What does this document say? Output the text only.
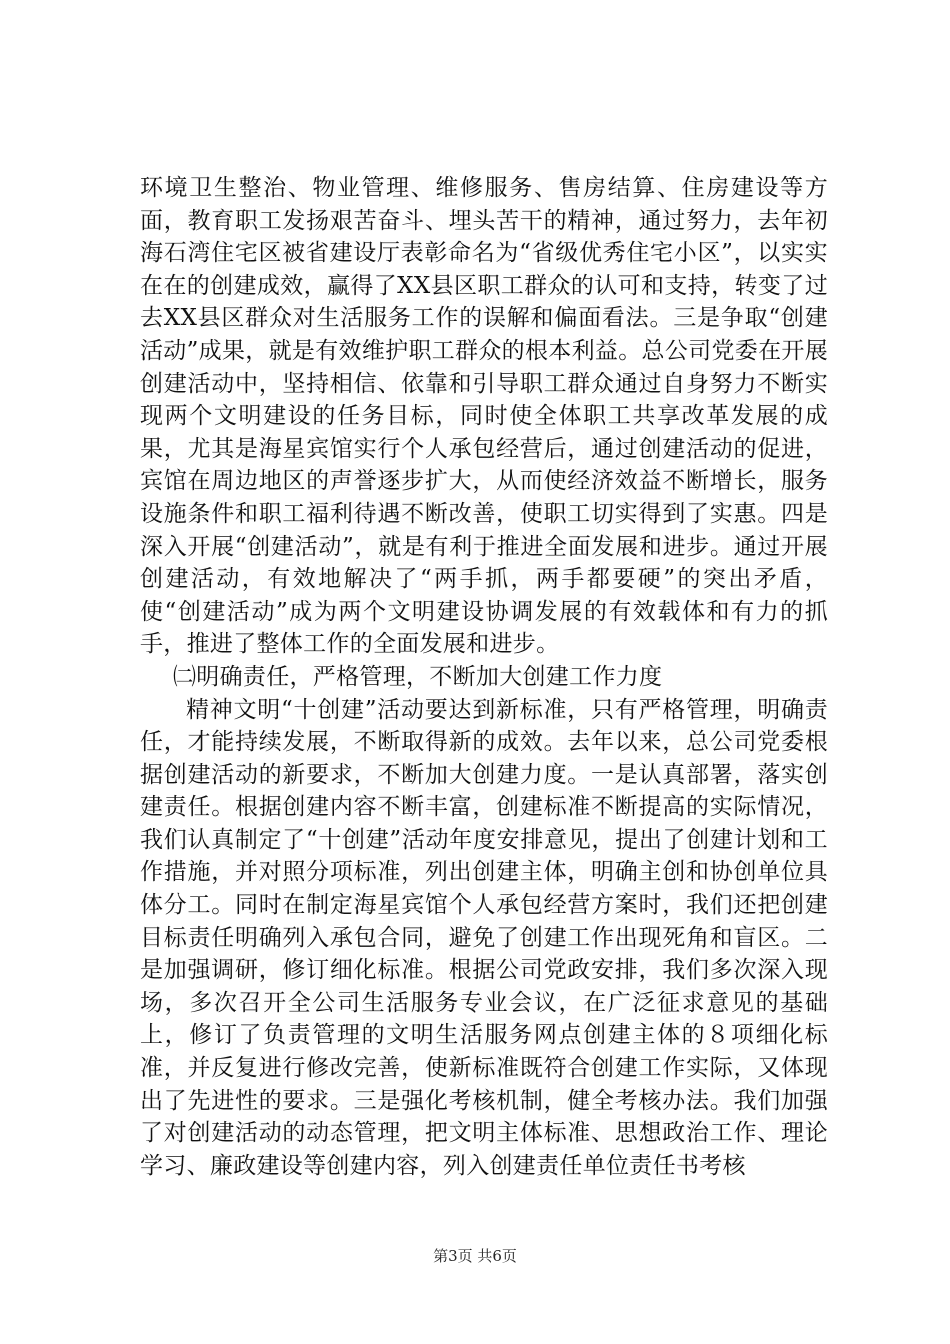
环境卫生整治、物业管理、维修服务、售房结算、住房建设等方面，教育职工发扬艰苦奋斗、埋头苦干的精神，通过努力，去年初海石湾住宅区被省建设厅表彰命名为“省级优秀住宅小区”，以实实在在的创建成效，赢得了XX县区职工群众的认可和支持，转变了过去XX县区群众对生活服务工作的误解和偏面看法。三是争取“创建活动”成果，就是有效维护职工群众的根本利益。总公司党委在开展创建活动中，坚持相信、依靠和引导职工群众通过自身努力不断实现两个文明建设的任务目标，同时使全体职工共享改革发展的成果，尤其是海星宾馆实行个人承包经营后，通过创建活动的促进，宾馆在周边地区的声誉逐步扩大，从而使经济效益不断增长，服务设施条件和职工福利待遇不断改善，使职工切实得到了实惠。四是深入开展“创建活动”，就是有利于推进全面发展和进步。通过开展创建活动，有效地解决了“两手抓，两手都要硬”的突出矛盾，使“创建活动”成为两个文明建设协调发展的有效载体和有力的抓手，推进了整体工作的全面发展和进步。

㈡明确责任，严格管理，不断加大创建工作力度

精神文明“十创建”活动要达到新标准，只有严格管理，明确责任，才能持续发展，不断取得新的成效。去年以来，总公司党委根据创建活动的新要求，不断加大创建力度。一是认真部署，落实创建责任。根据创建内容不断丰富，创建标准不断提高的实际情况，我们认真制定了“十创建”活动年度安排意见，提出了创建计划和工作措施，并对照分项标准，列出创建主体，明确主创和协创单位具体分工。同时在制定海星宾馆个人承包经营方案时，我们还把创建目标责任明确列入承包合同，避免了创建工作出现死角和盲区。二是加强调研，修订细化标准。根据公司党政安排，我们多次深入现场，多次召开全公司生活服务专业会议，在广泛征求意见的基础上，修订了负责管理的文明生活服务网点创建主体的８项细化标准，并反复进行修改完善，使新标准既符合创建工作实际，又体现出了先进性的要求。三是强化考核机制，健全考核办法。我们加强了对创建活动的动态管理，把文明主体标准、思想政治工作、理论学习、廉政建设等创建内容，列入创建责任单位责任书考核

第3页 共6页
